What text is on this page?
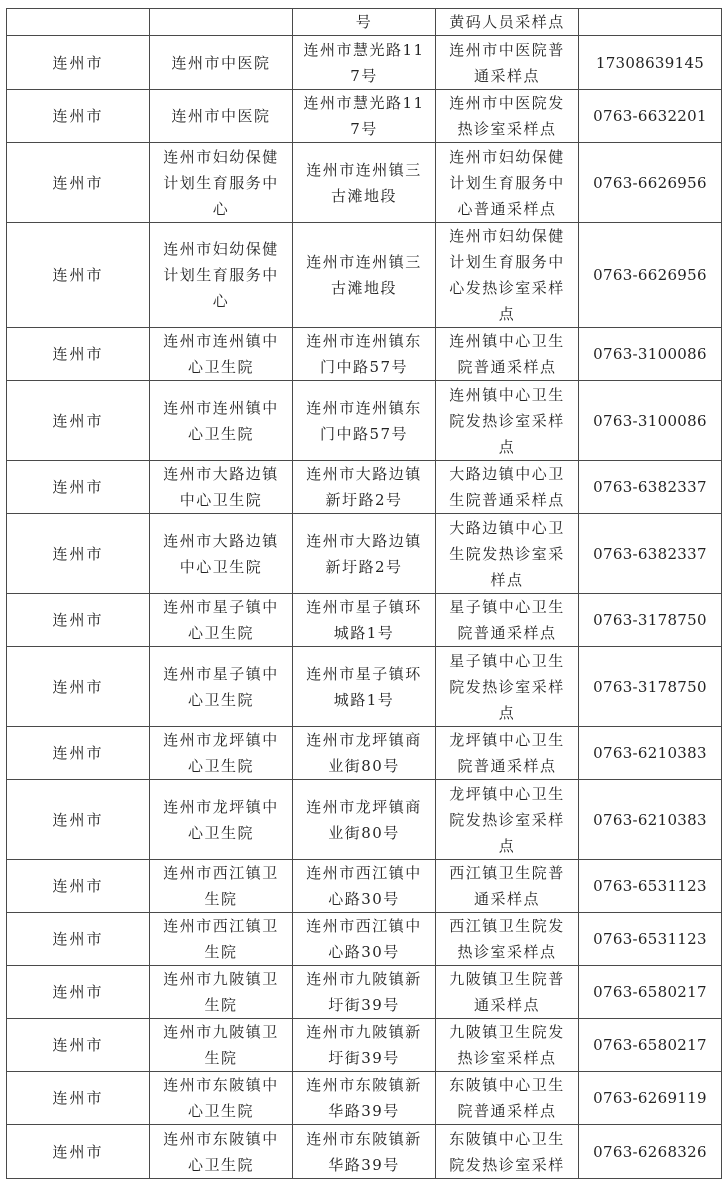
		号	黄码人员采样点	
连州市	连州市中医院	连州市慧光路117号	连州市中医院普通采样点	17308639145
连州市	连州市中医院	连州市慧光路117号	连州市中医院发热诊室采样点	0763-6632201
连州市	连州市妇幼保健计划生育服务中心	连州市连州镇三古滩地段	连州市妇幼保健计划生育服务中心普通采样点	0763-6626956
连州市	连州市妇幼保健计划生育服务中心	连州市连州镇三古滩地段	连州市妇幼保健计划生育服务中心发热诊室采样点	0763-6626956
连州市	连州市连州镇中心卫生院	连州市连州镇东门中路57号	连州镇中心卫生院普通采样点	0763-3100086
连州市	连州市连州镇中心卫生院	连州市连州镇东门中路57号	连州镇中心卫生院发热诊室采样点	0763-3100086
连州市	连州市大路边镇中心卫生院	连州市大路边镇新圩路2号	大路边镇中心卫生院普通采样点	0763-6382337
连州市	连州市大路边镇中心卫生院	连州市大路边镇新圩路2号	大路边镇中心卫生院发热诊室采样点	0763-6382337
连州市	连州市星子镇中心卫生院	连州市星子镇环城路1号	星子镇中心卫生院普通采样点	0763-3178750
连州市	连州市星子镇中心卫生院	连州市星子镇环城路1号	星子镇中心卫生院发热诊室采样点	0763-3178750
连州市	连州市龙坪镇中心卫生院	连州市龙坪镇商业街80号	龙坪镇中心卫生院普通采样点	0763-6210383
连州市	连州市龙坪镇中心卫生院	连州市龙坪镇商业街80号	龙坪镇中心卫生院发热诊室采样点	0763-6210383
连州市	连州市西江镇卫生院	连州市西江镇中心路30号	西江镇卫生院普通采样点	0763-6531123
连州市	连州市西江镇卫生院	连州市西江镇中心路30号	西江镇卫生院发热诊室采样点	0763-6531123
连州市	连州市九陂镇卫生院	连州市九陂镇新圩街39号	九陂镇卫生院普通采样点	0763-6580217
连州市	连州市九陂镇卫生院	连州市九陂镇新圩街39号	九陂镇卫生院发热诊室采样点	0763-6580217
连州市	连州市东陂镇中心卫生院	连州市东陂镇新华路39号	东陂镇中心卫生院普通采样点	0763-6269119
连州市	连州市东陂镇中心卫生院	连州市东陂镇新华路39号	东陂镇中心卫生院发热诊室采样	0763-6268326
